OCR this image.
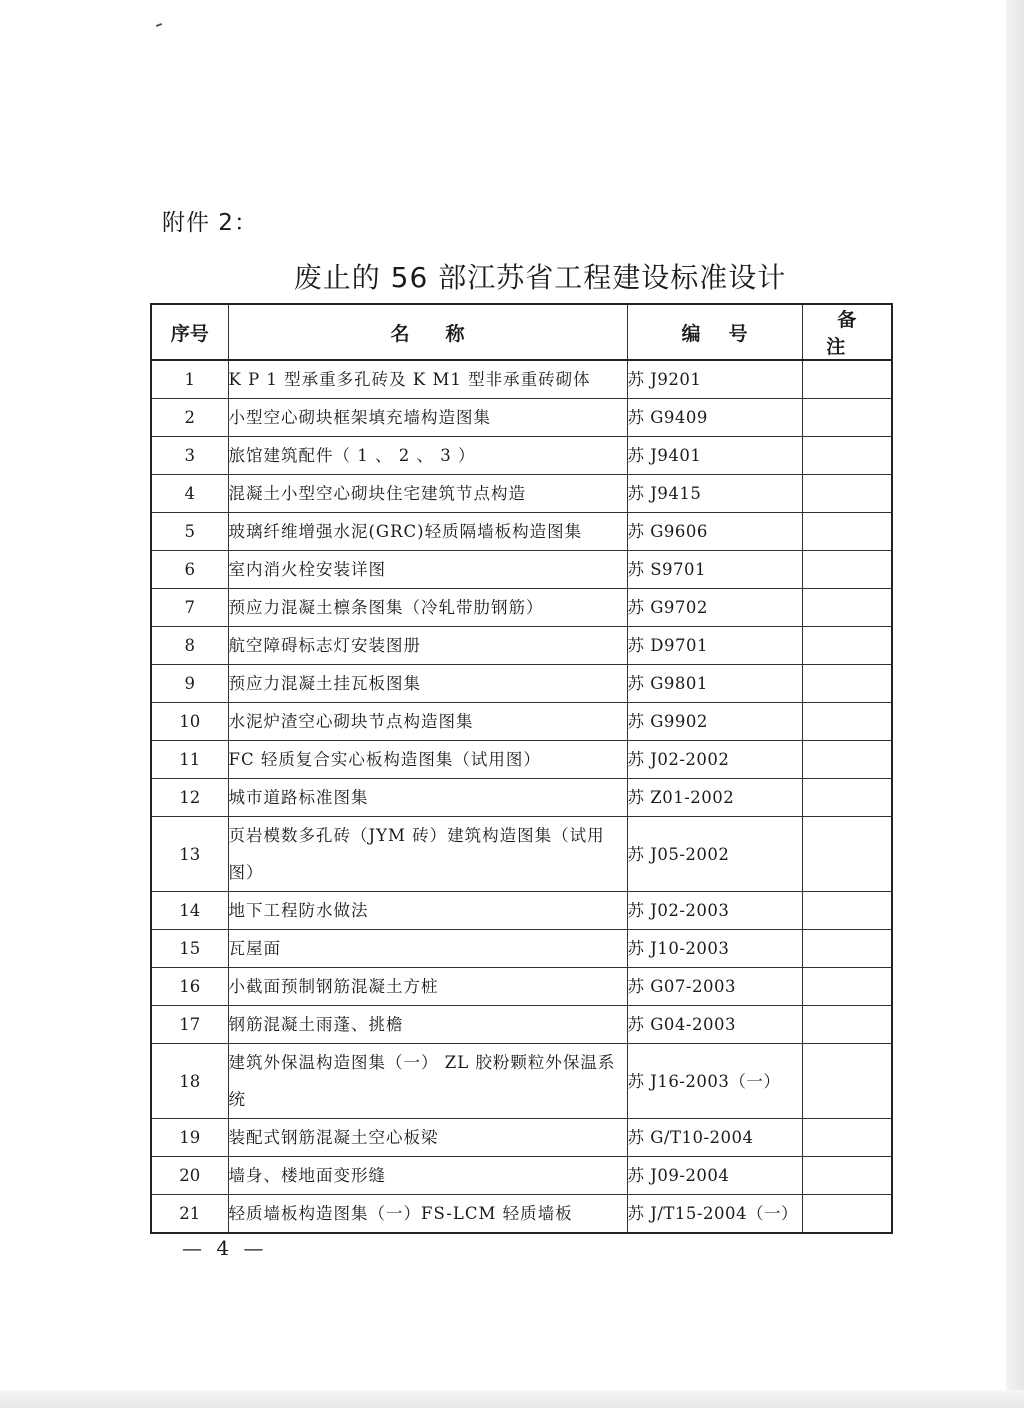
附件 2：
废止的 56 部江苏省工程建设标准设计
序号	名称	编号	备注
1	K P 1 型承重多孔砖及 K M1 型非承重砖砌体	苏 J9201	
2	小型空心砌块框架填充墙构造图集	苏 G9409	
3	旅馆建筑配件（ 1 、 2 、 3 ）	苏 J9401	
4	混凝土小型空心砌块住宅建筑节点构造	苏 J9415	
5	玻璃纤维增强水泥(GRC)轻质隔墙板构造图集	苏 G9606	
6	室内消火栓安装详图	苏 S9701	
7	预应力混凝土檩条图集（冷轧带肋钢筋）	苏 G9702	
8	航空障碍标志灯安装图册	苏 D9701	
9	预应力混凝土挂瓦板图集	苏 G9801	
10	水泥炉渣空心砌块节点构造图集	苏 G9902	
11	FC 轻质复合实心板构造图集（试用图）	苏 J02-2002	
12	城市道路标准图集	苏 Z01-2002	
13	页岩模数多孔砖（JYM 砖）建筑构造图集（试用图）	苏 J05-2002	
14	地下工程防水做法	苏 J02-2003	
15	瓦屋面	苏 J10-2003	
16	小截面预制钢筋混凝土方桩	苏 G07-2003	
17	钢筋混凝土雨蓬、挑檐	苏 G04-2003	
18	建筑外保温构造图集（一） ZL 胶粉颗粒外保温系统	苏 J16-2003（一）	
19	装配式钢筋混凝土空心板梁	苏 G/T10-2004	
20	墙身、楼地面变形缝	苏 J09-2004	
21	轻质墙板构造图集（一）FS-LCM 轻质墙板	苏 J/T15-2004（一）	
— 4 —
